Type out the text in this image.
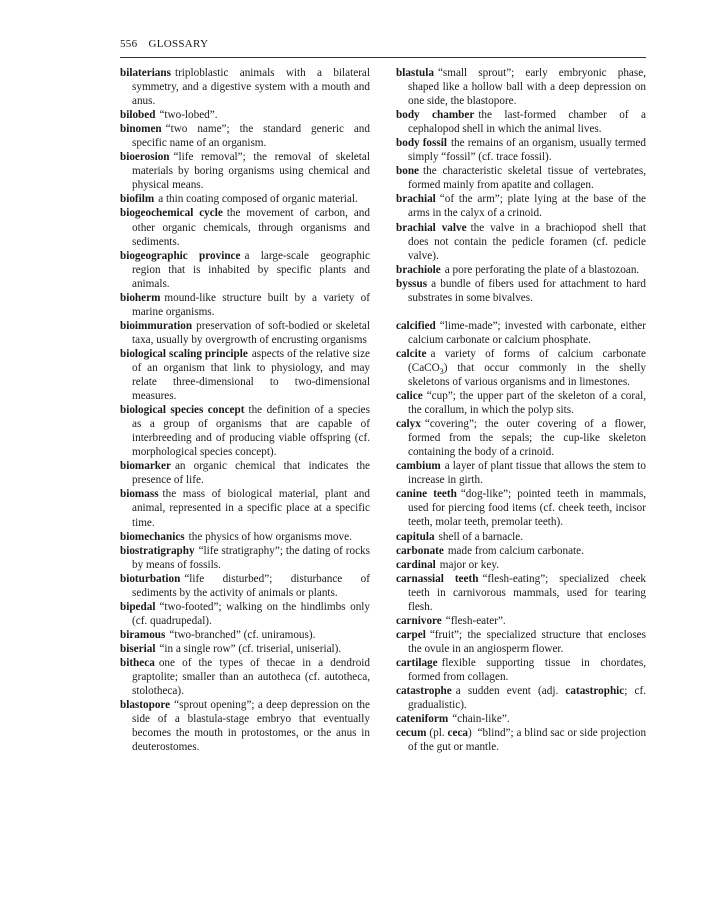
556 GLOSSARY

bilaterians triploblastic animals with a bilateral symmetry, and a digestive system with a mouth and anus.

bilobed “two-lobed”.

binomen “two name”; the standard generic and specific name of an organism.

bioerosion “life removal”; the removal of skeletal materials by boring organisms using chemical and physical means.

biofilm a thin coating composed of organic material.

biogeochemical cycle the movement of carbon, and other organic chemicals, through organisms and sediments.

biogeographic province a large-scale geographic region that is inhabited by specific plants and animals.

bioherm mound-like structure built by a variety of marine organisms.

bioimmuration preservation of soft-bodied or skeletal taxa, usually by overgrowth of encrusting organisms

biological scaling principle aspects of the relative size of an organism that link to physiology, and may relate three-dimensional to two-dimensional measures.

biological species concept the definition of a species as a group of organisms that are capable of interbreeding and of producing viable offspring (cf. morphological species concept).

biomarker an organic chemical that indicates the presence of life.

biomass the mass of biological material, plant and animal, represented in a specific place at a specific time.

biomechanics the physics of how organisms move.

biostratigraphy “life stratigraphy”; the dating of rocks by means of fossils.

bioturbation “life disturbed”; disturbance of sediments by the activity of animals or plants.

bipedal “two-footed”; walking on the hindlimbs only (cf. quadrupedal).

biramous “two-branched” (cf. uniramous).

biserial “in a single row” (cf. triserial, uniserial).

bitheca one of the types of thecae in a dendroid graptolite; smaller than an autotheca (cf. autotheca, stolotheca).

blastopore “sprout opening”; a deep depression on the side of a blastula-stage embryo that eventually becomes the mouth in protostomes, or the anus in deuterostomes.

blastula “small sprout”; early embryonic phase, shaped like a hollow ball with a deep depression on one side, the blastopore.

body chamber the last-formed chamber of a cephalopod shell in which the animal lives.

body fossil the remains of an organism, usually termed simply “fossil” (cf. trace fossil).

bone the characteristic skeletal tissue of vertebrates, formed mainly from apatite and collagen.

brachial “of the arm”; plate lying at the base of the arms in the calyx of a crinoid.

brachial valve the valve in a brachiopod shell that does not contain the pedicle foramen (cf. pedicle valve).

brachiole a pore perforating the plate of a blastozoan.

byssus a bundle of fibers used for attachment to hard substrates in some bivalves.

calcified “lime-made”; invested with carbonate, either calcium carbonate or calcium phosphate.

calcite a variety of forms of calcium carbonate (CaCO$_3$) that occur commonly in the shelly skeletons of various organisms and in limestones.

calice “cup”; the upper part of the skeleton of a coral, the corallum, in which the polyp sits.

calyx “covering”; the outer covering of a flower, formed from the sepals; the cup-like skeleton containing the body of a crinoid.

cambium a layer of plant tissue that allows the stem to increase in girth.

canine teeth “dog-like”; pointed teeth in mammals, used for piercing food items (cf. cheek teeth, incisor teeth, molar teeth, premolar teeth).

capitula shell of a barnacle.

carbonate made from calcium carbonate.

cardinal major or key.

carnassial teeth “flesh-eating”; specialized cheek teeth in carnivorous mammals, used for tearing flesh.

carnivore “flesh-eater”.

carpel “fruit”; the specialized structure that encloses the ovule in an angiosperm flower.

cartilage flexible supporting tissue in chordates, formed from collagen.

catastrophe a sudden event (adj. catastrophic; cf. gradualistic).

cateniform “chain-like”.

cecum (pl. ceca) “blind”; a blind sac or side projection of the gut or mantle.
